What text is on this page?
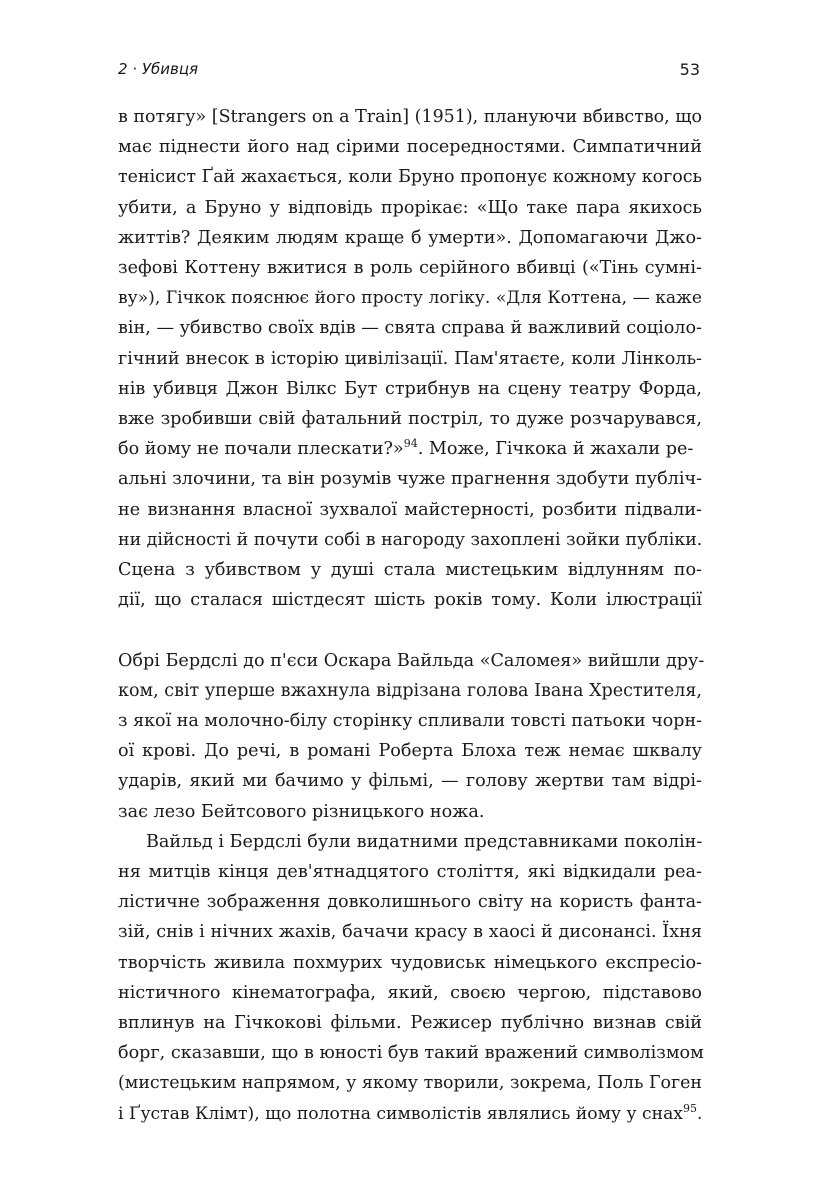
2 · Убивця	53
в потягу» [Strangers on a Train] (1951), плануючи вбивство, що
має піднести його над сірими посередностями. Симпатичний
тенісист Ґай жахається, коли Бруно пропонує кожному когось
убити, а Бруно у відповідь прорікає: «Що таке пара якихось
життів? Деяким людям краще б умерти». Допомагаючи Джо-
зефові Коттену вжитися в роль серійного вбивці («Тінь сумні-
ву»), Гічкок пояснює його просту логіку. «Для Коттена, — каже
він, — убивство своїх вдів — свята справа й важливий соціоло-
гічний внесок в історію цивілізації. Пам'ятаєте, коли Лінколь-
нів убивця Джон Вілкс Бут стрибнув на сцену театру Форда,
вже зробивши свій фатальний постріл, то дуже розчарувався,
бо йому не почали плескати?»$^{94}$. Може, Гічкока й жахали ре-
альні злочини, та він розумів чуже прагнення здобути публіч-
не визнання власної зухвалої майстерності, розбити підвали-
ни дійсності й почути собі в нагороду захоплені зойки публіки.
Сцена з убивством у душі стала мистецьким відлунням по-
дії, що сталася шістдесят шість років тому. Коли ілюстрації
Обрі Бердслі до п'єси Оскара Вайльда «Саломея» вийшли дру-
ком, світ уперше вжахнула відрізана голова Івана Хрестителя,
з якої на молочно-білу сторінку спливали товсті патьоки чорн-
ої крові. До речі, в романі Роберта Блоха теж немає шквалу
ударів, який ми бачимо у фільмі, — голову жертви там відрі-
зає лезо Бейтсового різницького ножа.
Вайльд і Бердслі були видатними представниками поколін-
ня митців кінця дев'ятнадцятого століття, які відкидали реа-
лістичне зображення довколишнього світу на користь фанта-
зій, снів і нічних жахів, бачачи красу в хаосі й дисонансі. Їхня
творчість живила похмурих чудовиськ німецького експресіо-
ністичного кінематографа, який, своєю чергою, підставово
вплинув на Гічкокові фільми. Режисер публічно визнав свій
борг, сказавши, що в юності був такий вражений символізмом
(мистецьким напрямом, у якому творили, зокрема, Поль Гоген
і Ґустав Клімт), що полотна символістів являлись йому у снах$^{95}$.
